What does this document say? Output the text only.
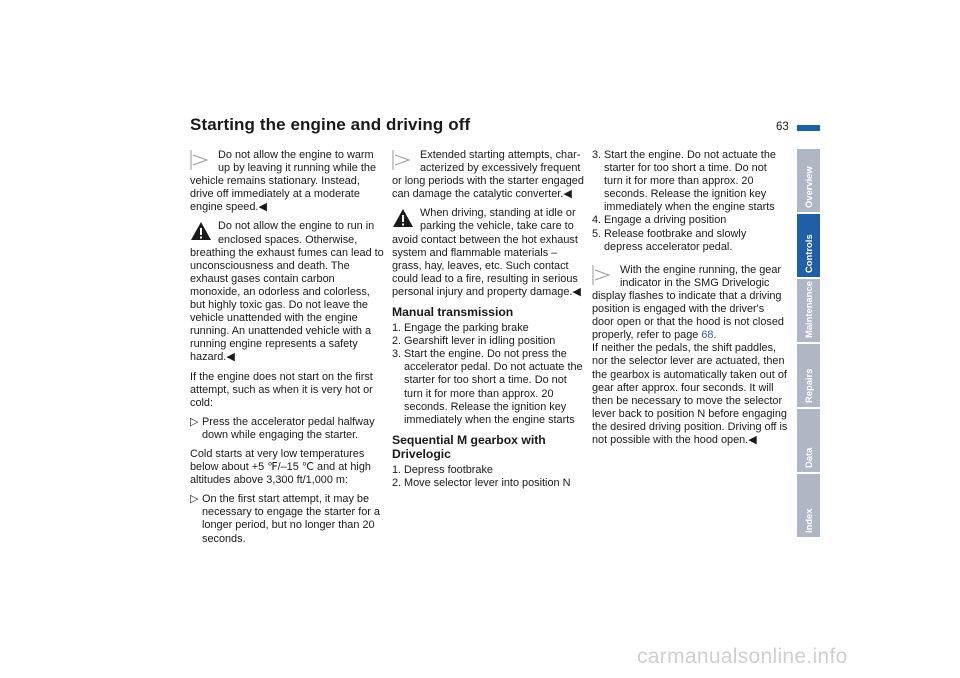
Starting the engine and driving off	63
Do not allow the engine to warm
up by leaving it running while the vehicle remains stationary. Instead, drive off immediately at a moderate engine speed.◀
Do not allow the engine to run in
enclosed spaces. Otherwise, breathing the exhaust fumes can lead to unconsciousness and death. The exhaust gases contain carbon monoxide, an odorless and colorless, but highly toxic gas. Do not leave the vehicle unattended with the engine running. An unattended vehicle with a running engine represents a safety hazard.◀

If the engine does not start on the first attempt, such as when it is very hot or cold:

▷ Press the accelerator pedal halfway down while engaging the starter.

Cold starts at very low temperatures below about +5 ℉/–15 ℃ and at high altitudes above 3,300 ft/1,000 m:

▷ On the first start attempt, it may be necessary to engage the starter for a longer period, but no longer than 20 seconds.
Extended starting attempts, char-
acterized by excessively frequent or long periods with the starter engaged can damage the catalytic converter.◀
When driving, standing at idle or
parking the vehicle, take care to avoid contact between the hot exhaust system and flammable materials – grass, hay, leaves, etc. Such contact could lead to a fire, resulting in serious personal injury and property damage.◀
Manual transmission
1. Engage the parking brake
2. Gearshift lever in idling position
3. Start the engine. Do not press the accelerator pedal. Do not actuate the starter for too short a time. Do not turn it for more than approx. 20 seconds. Release the ignition key immediately when the engine starts
Sequential M gearbox with Drivelogic
1. Depress footbrake
2. Move selector lever into position N
3. Start the engine. Do not actuate the starter for too short a time. Do not turn it for more than approx. 20 seconds. Release the ignition key immediately when the engine starts
4. Engage a driving position
5. Release footbrake and slowly depress accelerator pedal.
With the engine running, the gear
indicator in the SMG Drivelogic display flashes to indicate that a driving position is engaged with the driver's door open or that the hood is not closed properly, refer to page 68.
If neither the pedals, the shift paddles, nor the selector lever are actuated, then the gearbox is automatically taken out of gear after approx. four seconds. It will then be necessary to move the selector lever back to position N before engaging the desired driving position. Driving off is not possible with the hood open.◀
Overview
Controls
Maintenance
Repairs
Data
Index
carmanualsonline.info
